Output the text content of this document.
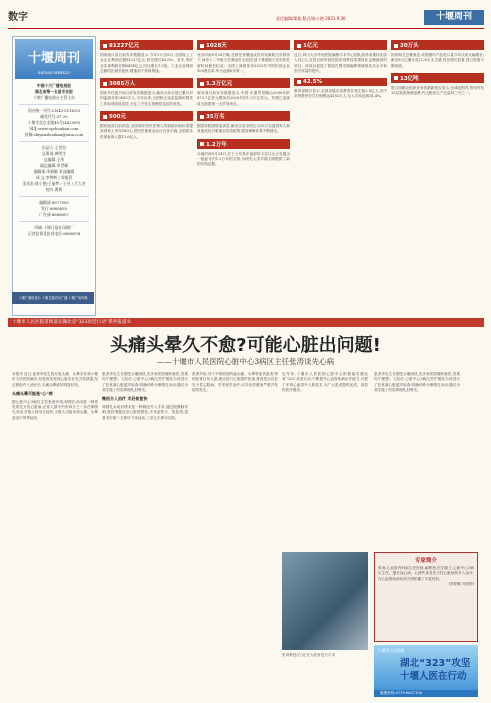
数字	责任编辑/郑旭 版式/陈小艳 2021.9.30	十堰周刊
十堰周刊
SHIYAN WEEKLY
中国十大广播电视报
湖北省第一五星专业报
十堰广播电视台主管主办
国内统一刊号:CN42-0114/03
邮发代号:37-20
十堰市北京北路40号(442000)
网址:www.syzhoukan.com
投稿:shiyanzhoukan@sina.com
出品人:王世昌
总策划:黄明生
总编辑:王纬
副总编辑:李世耀
编辑部:李新颖 张深编辑
网 文:李赞辉 / 郑旭管
美术室:陈小艳/王丽梦 / 王昱 / 吕大芳
校对:曹莉
编辑部:8677000
发行:8666658
广告部:8666607
印刷:十堰日报社印刷厂
记者监督及投诉电话:8666058
十堰广播电视台 十堰交通音乐广播 十堰广电传媒
81227亿元
国家统计局日前发布数据显示,今年1月至8月,全国规上工业企业利润总额81227亿元,同比增长49.5%。其中,采矿业实现利润总额6434亿元,同比增长1.5倍。工业企业利润总额同比增长较快,增速高于营收增速。
3085万人
国家乡村振兴局日前发布数据显示,截至目前全国已累计识别监测对象3085万人,今年以来,全国防止返贫监测和帮扶工作取得明显成效,守住了不发生规模性返贫的底线。
500元
据民政部日前消息,全国城乡居民医保人均财政补助标准提高到每人每年580元,居民医保基金运行总体平稳,全国基本医保参保人数13.6亿人。
1028天
北京时间9月28日晚,在被任务俄组成员的英雄航天员陪伴下,神舟十二号航天员乘组安全返回,创下我国航天员在轨驻留时间最长纪录。全国工商联发布2021年中国民营企业500强名单,华为连续6年第一。
1.3万亿元
商务部日前发布数据显示,中国-东盟贸易额由2000年的873.7亿美元增加至2020年的1.3万亿美元。东盟已连续成为我国第一大贸易伙伴。
35万名
据国务院国资委消息,截至目前全国已为35万名退役军人和其他优抚对象落实优待政策,服务保障体系不断健全。
1.2万年
当地时间9月24日,位于土耳其东南部的卡拉汉山丘发掘出一批距今约1.2万年的文物,为研究人类早期文明提供了新的实物证据。
1亿元
近日,四川大学华西医院麻醉手术中心团队获得成果转化收入1亿元,这是目前华西医院单项科技成果转化金额最高的项目。该项目促进了我国在围术期麻醉领域的技术水平和医疗质量的提升。
42.5%
教育部统计显示,全国各级各类教育在校生数2.9亿人,其中高等教育在学总规模达4183万人,毛入学率达到54.4%。
20万头
国家海关总署消息,英国猪肉产品进口量今年以来大幅增长,截至8月已累计进口20万头生猪,同比增长显著,进口渠道不断拓展。
13亿吨
联合国粮农组织发布的最新报告显示,全球范围内,每年约有13亿吨食物被浪费,约占粮食生产总量的三分之一。
十堰市人民医院贯彻落实湖北省“323攻坚行动”系列报道③
头痛头晕久不愈?可能心脏出问题!
——十堰市人民医院心脏中心3病区主任张涛谈先心病
本报讯 近日,患者李先生因反复头痛、头晕多年到十堰市人民医院就诊,经检查发现其心脏存在先天性缺损,经过微创介入治疗后,头痛头晕症状明显好转。
头痛头晕可能是“心”病
据心脏中心3病区主任张涛介绍,卵圆孔未闭是一种常见的先天性心脏病,正常人群中约有四分之一存在卵圆孔未闭,多数人终身无症状,少数人可能出现头痛、头晕甚至中风等症状。
患者李先生长期受头痛困扰,在多家医院辗转就医,效果均不理想。入院后,心脏中心3病区医护团队为其进行了经食道心脏超声检查,明确诊断为卵圆孔未闭,随后为其实施了经皮卵圆孔封堵术。
微创介入治疗 术后恢复快
卵圆孔未闭封堵术是一种微创介入手术,通过股静脉穿刺,将封堵器送至心脏缺损处,手术创伤小、恢复快,患者术后第二天即可下床活动,三至五天即可出院。
张涛介绍,对于不明原因的偏头痛、头晕等症状患者,特别是青壮年人群,建议进行心脏超声检查,排查是否存在先天性心脏病。早发现早治疗,可以有效避免严重并发症的发生。
近年来,十堰市人民医院心脏中心积极落实湖北省“323”攻坚行动,不断提升心血管疾病诊疗能力,开展了多项心血管介入新技术,为广大患者提供优质、高效的医疗服务。
患者李先生长期受头痛困扰,在多家医院辗转就医,效果均不理想。入院后,心脏中心3病区医护团队为其进行了经食道心脏超声检查,明确诊断为卵圆孔未闭,随后为其实施了经皮卵圆孔封堵术。
张涛教授(右)正在为患者进行手术
专家简介
张涛,心血管内科副主任医师,副教授,医学硕士,心脏中心3病区主任。擅长冠心病、心律失常及先天性心脏病的介入治疗,在心血管疾病诊治方面积累了丰富经验。
(李梦琳 冯婷婷)
十堰市人民医院
湖北“323”攻坚
十堰人医在行动
健康热线:0719-8637100
